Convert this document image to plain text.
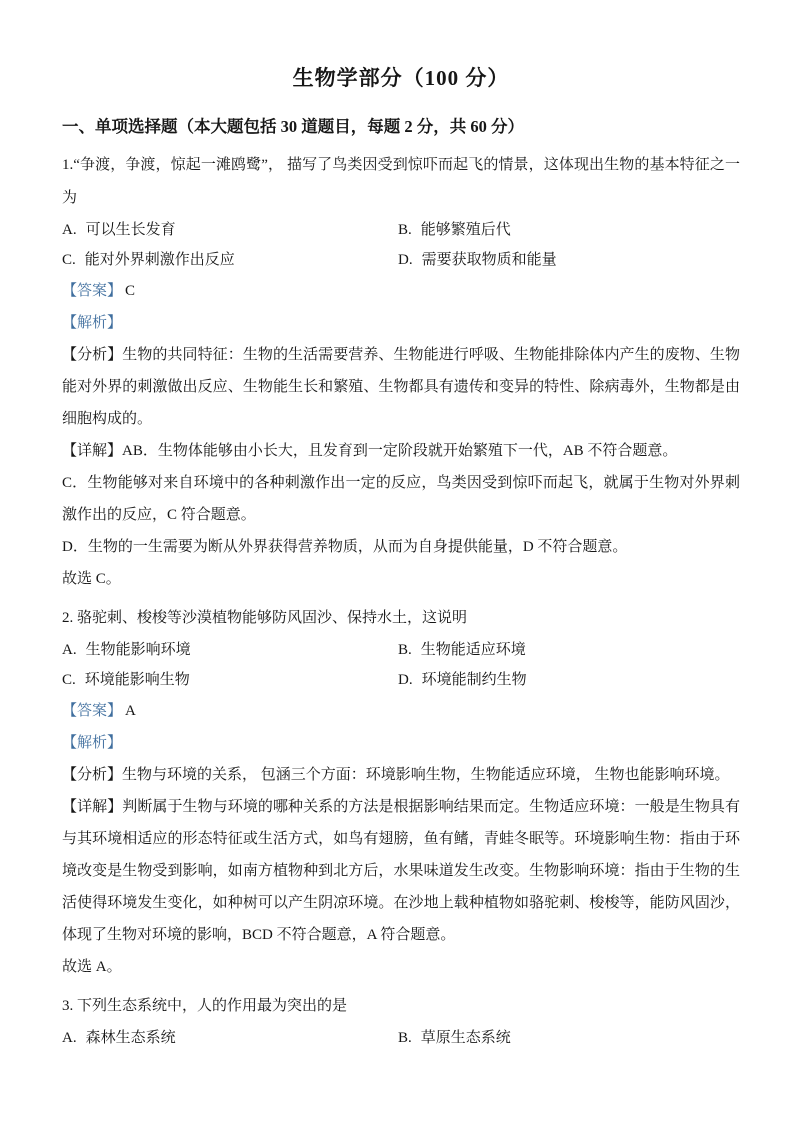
生物学部分（100 分）
一、单项选择题（本大题包括 30 道题目，每题 2 分，共 60 分）

1.“争渡，争渡，惊起一滩鸥鹭”， 描写了鸟类因受到惊吓而起飞的情景，这体现出生物的基本特征之一为

A. 可以生长发育	B. 能够繁殖后代
C. 能对外界刺激作出反应	D. 需要获取物质和能量

【答案】 C

【解析】

【分析】生物的共同特征：生物的生活需要营养、生物能进行呼吸、生物能排除体内产生的废物、生物能对外界的刺激做出反应、生物能生长和繁殖、生物都具有遗传和变异的特性、除病毒外，生物都是由细胞构成的。

【详解】AB．生物体能够由小长大，且发育到一定阶段就开始繁殖下一代，AB 不符合题意。

C．生物能够对来自环境中的各种刺激作出一定的反应，鸟类因受到惊吓而起飞，就属于生物对外界刺激作出的反应，C 符合题意。

D．生物的一生需要为断从外界获得营养物质，从而为自身提供能量，D 不符合题意。

故选 C。

2. 骆驼刺、梭梭等沙漠植物能够防风固沙、保持水土，这说明

A. 生物能影响环境	B. 生物能适应环境
C. 环境能影响生物	D. 环境能制约生物

【答案】 A

【解析】

【分析】生物与环境的关系， 包涵三个方面：环境影响生物，生物能适应环境， 生物也能影响环境。

【详解】判断属于生物与环境的哪种关系的方法是根据影响结果而定。生物适应环境：一般是生物具有与其环境相适应的形态特征或生活方式，如鸟有翅膀，鱼有鳍，青蛙冬眠等。环境影响生物：指由于环境改变是生物受到影响，如南方植物种到北方后，水果味道发生改变。生物影响环境：指由于生物的生活使得环境发生变化，如种树可以产生阴凉环境。在沙地上载种植物如骆驼刺、梭梭等，能防风固沙，体现了生物对环境的影响，BCD 不符合题意，A 符合题意。

故选 A。

3. 下列生态系统中，人的作用最为突出的是

A. 森林生态系统	B. 草原生态系统
